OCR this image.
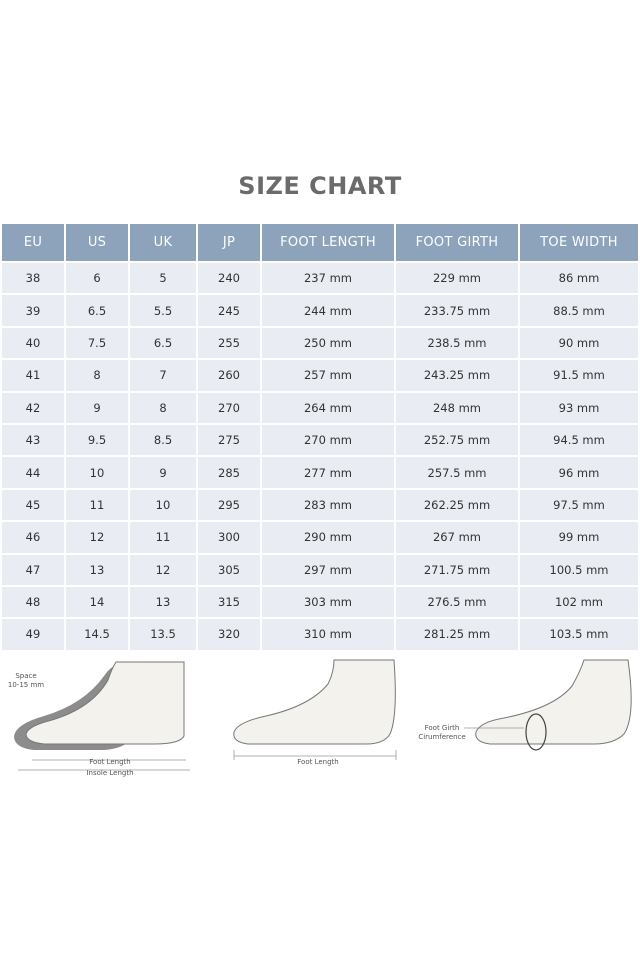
SIZE CHART
EU	US	UK	JP	FOOT LENGTH	FOOT GIRTH	TOE WIDTH
38	6	5	240	237 mm	229 mm	86 mm
39	6.5	5.5	245	244 mm	233.75 mm	88.5 mm
40	7.5	6.5	255	250 mm	238.5 mm	90 mm
41	8	7	260	257 mm	243.25 mm	91.5 mm
42	9	8	270	264 mm	248 mm	93 mm
43	9.5	8.5	275	270 mm	252.75 mm	94.5 mm
44	10	9	285	277 mm	257.5 mm	96 mm
45	11	10	295	283 mm	262.25 mm	97.5 mm
46	12	11	300	290 mm	267 mm	99 mm
47	13	12	305	297 mm	271.75 mm	100.5 mm
48	14	13	315	303 mm	276.5 mm	102 mm
49	14.5	13.5	320	310 mm	281.25 mm	103.5 mm
Space
10-15 mm
Foot Length
Insole Length
Foot Length
Foot Girth
Cirumference
